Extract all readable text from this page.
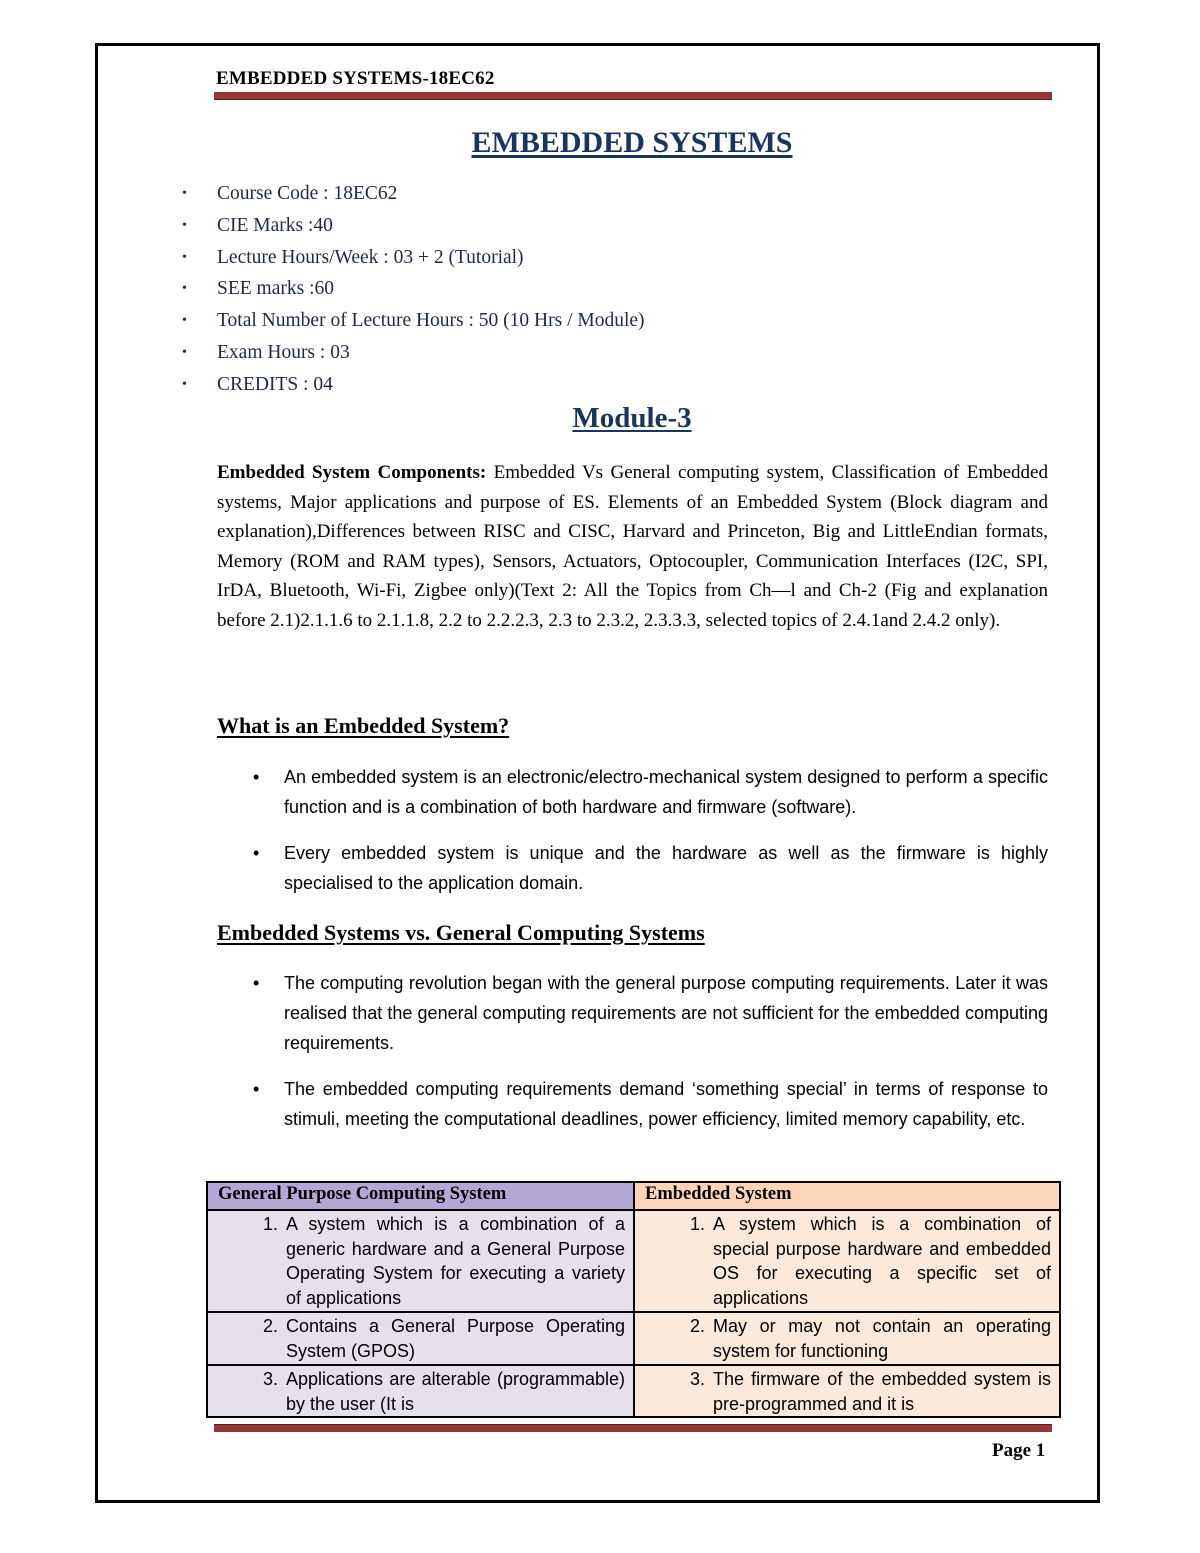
EMBEDDED SYSTEMS-18EC62
EMBEDDED SYSTEMS
• Course Code : 18EC62
• CIE Marks :40
• Lecture Hours/Week : 03 + 2 (Tutorial)
• SEE marks :60
• Total Number of Lecture Hours : 50 (10 Hrs / Module)
• Exam Hours : 03
• CREDITS : 04
Module-3

Embedded System Components: Embedded Vs General computing system, Classification of Embedded systems, Major applications and purpose of ES. Elements of an Embedded System (Block diagram and explanation),Differences between RISC and CISC, Harvard and Princeton, Big and LittleEndian formats, Memory (ROM and RAM types), Sensors, Actuators, Optocoupler, Communication Interfaces (I2C, SPI, IrDA, Bluetooth, Wi-Fi, Zigbee only)(Text 2: All the Topics from Ch—l and Ch-2 (Fig and explanation before 2.1)2.1.1.6 to 2.1.1.8, 2.2 to 2.2.2.3, 2.3 to 2.3.2, 2.3.3.3, selected topics of 2.4.1and 2.4.2 only).

What is an Embedded System?
• An embedded system is an electronic/electro-mechanical system designed to perform a specific function and is a combination of both hardware and firmware (software).
• Every embedded system is unique and the hardware as well as the firmware is highly specialised to the application domain.
Embedded Systems vs. General Computing Systems
• The computing revolution began with the general purpose computing requirements. Later it was realised that the general computing requirements are not sufficient for the embedded computing requirements.
• The embedded computing requirements demand ‘something special’ in terms of response to stimuli, meeting the computational deadlines, power efficiency, limited memory capability, etc.
General Purpose Computing System	Embedded System

1. A system which is a combination of a generic hardware and a General Purpose Operating System for executing a variety of applications	1. A system which is a combination of special purpose hardware and embedded OS for executing a specific set of applications

2. Contains a General Purpose Operating System (GPOS)	2. May or may not contain an operating system for functioning

3. Applications are alterable (programmable) by the user (It is	3. The firmware of the embedded system is pre-programmed and it is
Page 1
